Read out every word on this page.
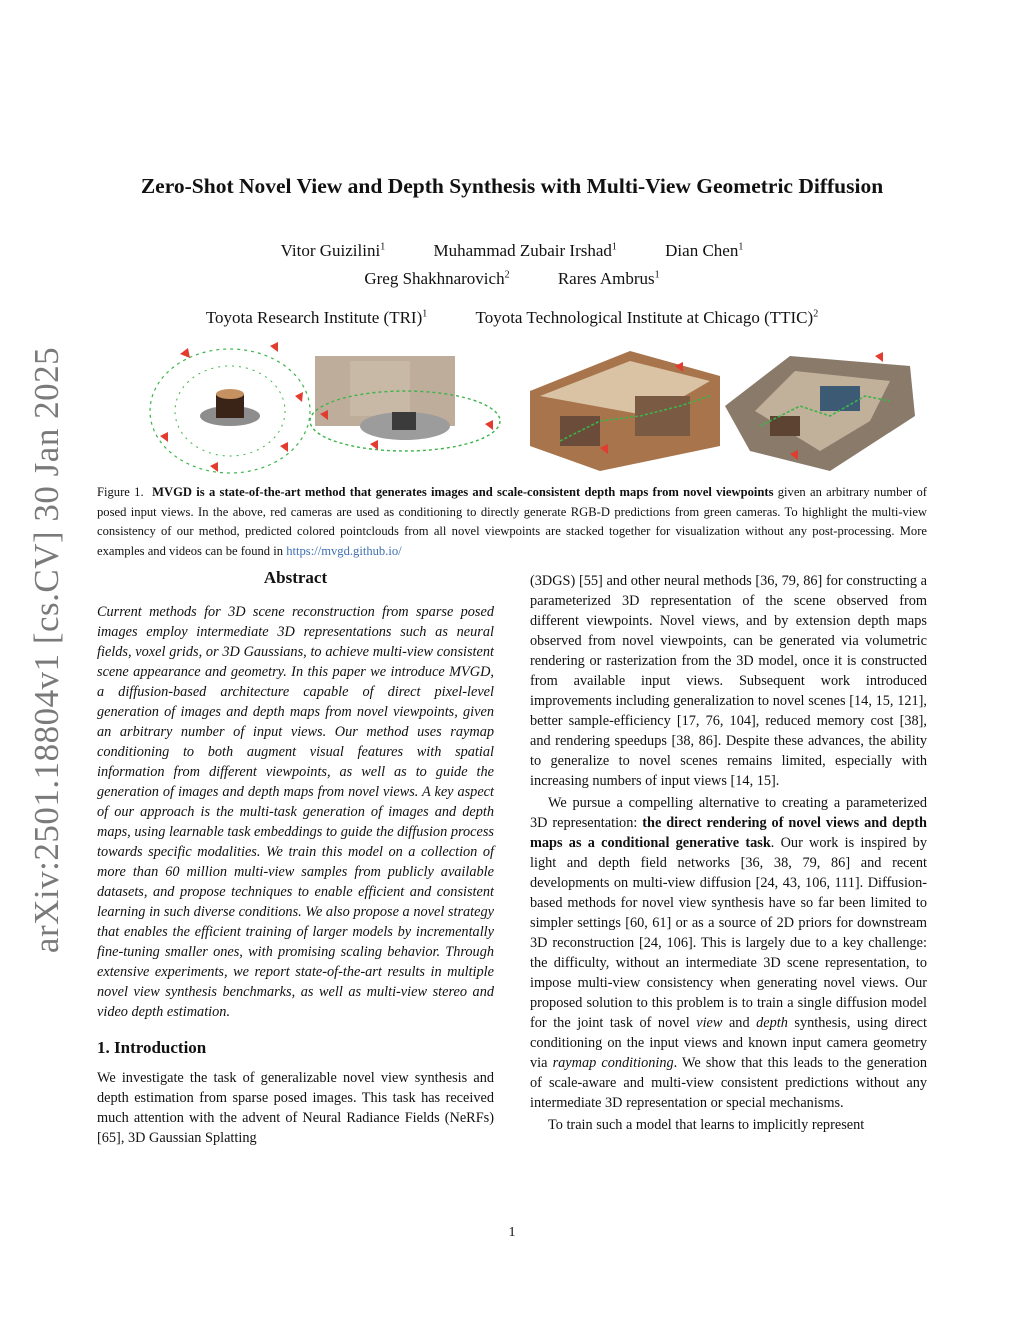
arXiv:2501.18804v1 [cs.CV] 30 Jan 2025
Zero-Shot Novel View and Depth Synthesis with Multi-View Geometric Diffusion
Vitor Guizilini$^1$	Muhammad Zubair Irshad$^1$	Dian Chen$^1$
Greg Shakhnarovich$^2$	Rares Ambrus$^1$
Toyota Research Institute (TRI)$^1$	Toyota Technological Institute at Chicago (TTIC)$^2$
Figure 1. MVGD is a state-of-the-art method that generates images and scale-consistent depth maps from novel viewpoints given an arbitrary number of posed input views. In the above, red cameras are used as conditioning to directly generate RGB-D predictions from green cameras. To highlight the multi-view consistency of our method, predicted colored pointclouds from all novel viewpoints are stacked together for visualization without any post-processing. More examples and videos can be found in https://mvgd.github.io/
Abstract

Current methods for 3D scene reconstruction from sparse posed images employ intermediate 3D representations such as neural fields, voxel grids, or 3D Gaussians, to achieve multi-view consistent scene appearance and geometry. In this paper we introduce MVGD, a diffusion-based architecture capable of direct pixel-level generation of images and depth maps from novel viewpoints, given an arbitrary number of input views. Our method uses raymap conditioning to both augment visual features with spatial information from different viewpoints, as well as to guide the generation of images and depth maps from novel views. A key aspect of our approach is the multi-task generation of images and depth maps, using learnable task embeddings to guide the diffusion process towards specific modalities. We train this model on a collection of more than 60 million multi-view samples from publicly available datasets, and propose techniques to enable efficient and consistent learning in such diverse conditions. We also propose a novel strategy that enables the efficient training of larger models by incrementally fine-tuning smaller ones, with promising scaling behavior. Through extensive experiments, we report state-of-the-art results in multiple novel view synthesis benchmarks, as well as multi-view stereo and video depth estimation.

1. Introduction

We investigate the task of generalizable novel view synthesis and depth estimation from sparse posed images. This task has received much attention with the advent of Neural Radiance Fields (NeRFs) [65], 3D Gaussian Splatting

(3DGS) [55] and other neural methods [36, 79, 86] for constructing a parameterized 3D representation of the scene observed from different viewpoints. Novel views, and by extension depth maps observed from novel viewpoints, can be generated via volumetric rendering or rasterization from the 3D model, once it is constructed from available input views. Subsequent work introduced improvements including generalization to novel scenes [14, 15, 121], better sample-efficiency [17, 76, 104], reduced memory cost [38], and rendering speedups [38, 86]. Despite these advances, the ability to generalize to novel scenes remains limited, especially with increasing numbers of input views [14, 15].

We pursue a compelling alternative to creating a parameterized 3D representation: the direct rendering of novel views and depth maps as a conditional generative task. Our work is inspired by light and depth field networks [36, 38, 79, 86] and recent developments on multi-view diffusion [24, 43, 106, 111]. Diffusion-based methods for novel view synthesis have so far been limited to simpler settings [60, 61] or as a source of 2D priors for downstream 3D reconstruction [24, 106]. This is largely due to a key challenge: the difficulty, without an intermediate 3D scene representation, to impose multi-view consistency when generating novel views. Our proposed solution to this problem is to train a single diffusion model for the joint task of novel view and depth synthesis, using direct conditioning on the input views and known input camera geometry via raymap conditioning. We show that this leads to the generation of scale-aware and multi-view consistent predictions without any intermediate 3D representation or special mechanisms.

To train such a model that learns to implicitly represent

1
